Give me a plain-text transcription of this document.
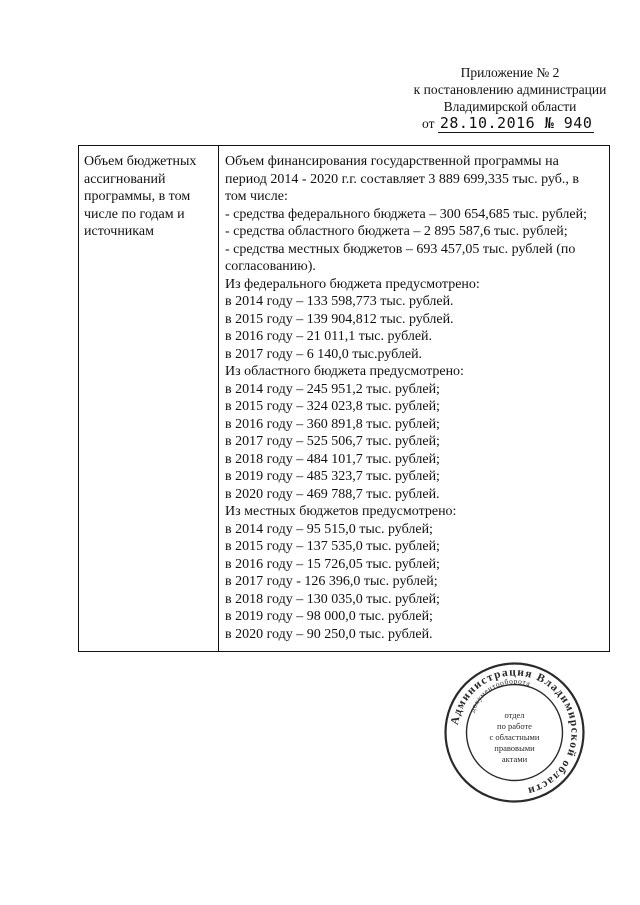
Приложение № 2
к постановлению администрации
Владимирской области
от 28.10.2016 № 940
Объем бюджетных ассигнований программы, в том числе по годам и источникам
Объем финансирования государственной программы на период 2014 - 2020 г.г. составляет 3 889 699,335 тыс. руб., в том числе:
- средства федерального бюджета – 300 654,685 тыс. рублей;
- средства областного бюджета – 2 895 587,6 тыс. рублей;
- средства местных бюджетов – 693 457,05 тыс. рублей (по согласованию).
Из федерального бюджета предусмотрено:
в 2014 году – 133 598,773 тыс. рублей.
в 2015 году – 139 904,812 тыс. рублей.
в 2016 году – 21 011,1 тыс. рублей.
в 2017 году – 6 140,0 тыс.рублей.
Из областного бюджета предусмотрено:
в 2014 году – 245 951,2 тыс. рублей;
в 2015 году – 324 023,8 тыс. рублей;
в 2016 году – 360 891,8 тыс. рублей;
в 2017 году – 525 506,7 тыс. рублей;
в 2018 году – 484 101,7 тыс. рублей;
в 2019 году – 485 323,7 тыс. рублей;
в 2020 году – 469 788,7 тыс. рублей.
Из местных бюджетов предусмотрено:
в 2014 году – 95 515,0 тыс. рублей;
в 2015 году – 137 535,0 тыс. рублей;
в 2016 году – 15 726,05 тыс. рублей;
в 2017 году - 126 396,0 тыс. рублей;
в 2018 году – 130 035,0 тыс. рублей;
в 2019 году – 98 000,0 тыс. рублей;
в 2020 году – 90 250,0 тыс. рублей.
Администрация Владимирской области
документооборота
отдел
по работе
с областными
правовыми
актами
